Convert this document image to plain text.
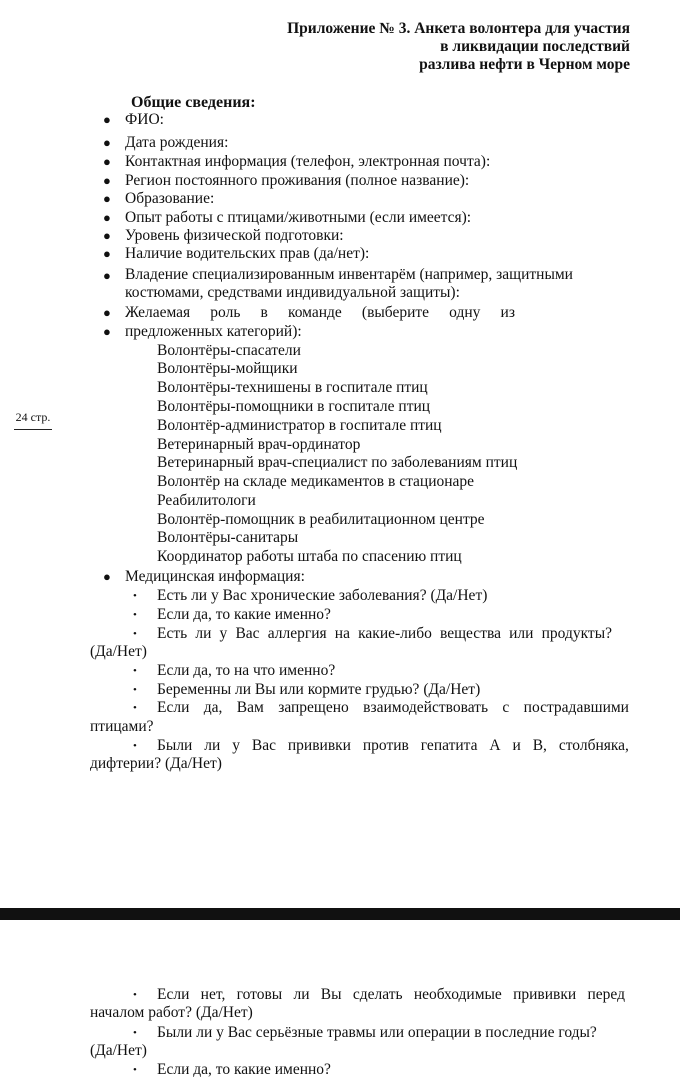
Приложение № 3. Анкета волонтера для участия
в ликвидации последствий
разлива нефти в Черном море
Общие сведения:
24 стр.
● ФИО:
● Дата рождения:
● Контактная информация (телефон, электронная почта):
● Регион постоянного проживания (полное название):
● Образование:
● Опыт работы с птицами/животными (если имеется):
● Уровень физической подготовки:
● Наличие водительских прав (да/нет):
● Владение специализированным инвентарём (например, защитными
костюмами, средствами индивидуальной защиты):
● Желаемая роль в команде (выберите одну из
● предложенных категорий):
Волонтёры-спасатели
Волонтёры-мойщики
Волонтёры-технишены в госпитале птиц
Волонтёры-помощники в госпитале птиц
Волонтёр-администратор в госпитале птиц
Ветеринарный врач-ординатор
Ветеринарный врач-специалист по заболеваниям птиц
Волонтёр на складе медикаментов в стационаре
Реабилитологи
Волонтёр-помощник в реабилитационном центре
Волонтёры-санитары
Координатор работы штаба по спасению птиц
● Медицинская информация:
• Есть ли у Вас хронические заболевания? (Да/Нет)
• Если да, то какие именно?
• Есть ли у Вас аллергия на какие-либо вещества или продукты?
(Да/Нет)
• Если да, то на что именно?
• Беременны ли Вы или кормите грудью? (Да/Нет)
• Если да, Вам запрещено взаимодействовать с пострадавшими
птицами?
• Были ли у Вас прививки против гепатита А и В, столбняка,
дифтерии? (Да/Нет)
• Если нет, готовы ли Вы сделать необходимые прививки перед
началом работ? (Да/Нет)
• Были ли у Вас серьёзные травмы или операции в последние годы?
(Да/Нет)
• Если да, то какие именно?
